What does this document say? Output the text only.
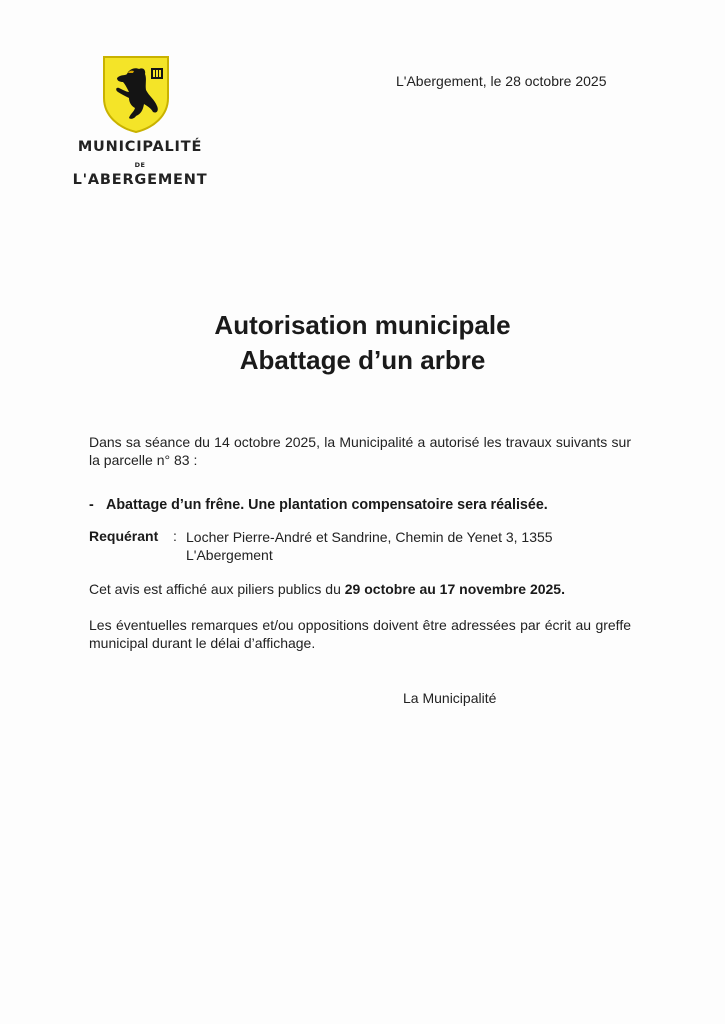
MUNICIPALITÉ
DE
L'ABERGEMENT
L'Abergement, le 28 octobre 2025
Autorisation municipale
Abattage d’un arbre
Dans sa séance du 14 octobre 2025, la Municipalité a autorisé les travaux suivants sur la parcelle n° 83 :
- Abattage d’un frêne. Une plantation compensatoire sera réalisée.
Requérant : Locher Pierre-André et Sandrine, Chemin de Yenet 3, 1355
L'Abergement
Cet avis est affiché aux piliers publics du 29 octobre au 17 novembre 2025.
Les éventuelles remarques et/ou oppositions doivent être adressées par écrit au greffe municipal durant le délai d’affichage.
La Municipalité
